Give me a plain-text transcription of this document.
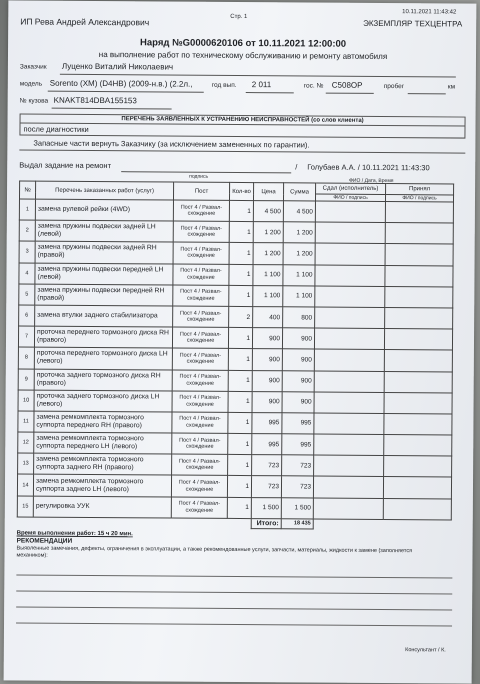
ИП Рева Андрей Александрович	Стр. 1
10.11.2021 11:43:42
ЭКЗЕМПЛЯР ТЕХЦЕНТРА
Наряд №G0000620106 от 10.11.2021 12:00:00
на выполнение работ по техническому обслуживанию и ремонту автомобиля
Заказчик Луценко Виталий Николаевич
модель Sorento (XM) (D4HB) (2009-н.в.) (2.2л.,	год вып. 2 011	гос. № С508ОР	пробег	км
№ кузова KNAKT814DBA155153
ПЕРЕЧЕНЬ ЗАЯВЛЕННЫХ К УСТРАНЕНИЮ НЕИСПРАВНОСТЕЙ (со слов клиента)
после диагностики
Запасные части вернуть Заказчику (за исключением замененных по гарантии).
Выдал задание на ремонт
подпись
/ Голубаев А.А. / 10.11.2021 11:43:30
ФИО / Дата, Время
№	Перечень заказанных работ (услуг)	Пост	Кол-во	Цена	Сумма	Сдал (исполнитель)	Принял
						ФИО / подпись	ФИО / подпись
1	замена рулевой рейки (4WD)	Пост 4 / Развал-схождение	1	4 500	4 500		
2	замена пружины подвески задней LH (левой)	Пост 4 / Развал-схождение	1	1 200	1 200		
3	замена пружины подвески задней RH (правой)	Пост 4 / Развал-схождение	1	1 200	1 200		
4	замена пружины подвески передней LH (левой)	Пост 4 / Развал-схождение	1	1 100	1 100		
5	замена пружины подвески передней RH (правой)	Пост 4 / Развал-схождение	1	1 100	1 100		
6	замена втулки заднего стабилизатора	Пост 4 / Развал-схождение	2	400	800		
7	проточка переднего тормозного диска RH (правого)	Пост 4 / Развал-схождение	1	900	900		
8	проточка переднего тормозного диска LH (левого)	Пост 4 / Развал-схождение	1	900	900		
9	проточка заднего тормозного диска RH (правого)	Пост 4 / Развал-схождение	1	900	900		
10	проточка заднего тормозного диска LH (левого)	Пост 4 / Развал-схождение	1	900	900		
11	замена ремкомплекта тормозного суппорта переднего RH (правого)	Пост 4 / Развал-схождение	1	995	995		
12	замена ремкомплекта тормозного суппорта переднего LH (левого)	Пост 4 / Развал-схождение	1	995	995		
13	замена ремкомплекта тормозного суппорта заднего RH (правого)	Пост 4 / Развал-схождение	1	723	723		
14	замена ремкомплекта тормозного суппорта заднего LH (левого)	Пост 4 / Развал-схождение	1	723	723		
15	регулировка УУК	Пост 4 / Развал-схождение	1	1 500	1 500		
				Итого:	18 435		
Время выполнения работ: 15 ч 20 мин.
РЕКОМЕНДАЦИИ
Выявленные замечания, дефекты, ограничения в эксплуатации, а также рекомендованные услуги, запчасти, материалы, жидкости к замене (заполняется механиком):
Консультант / К.
